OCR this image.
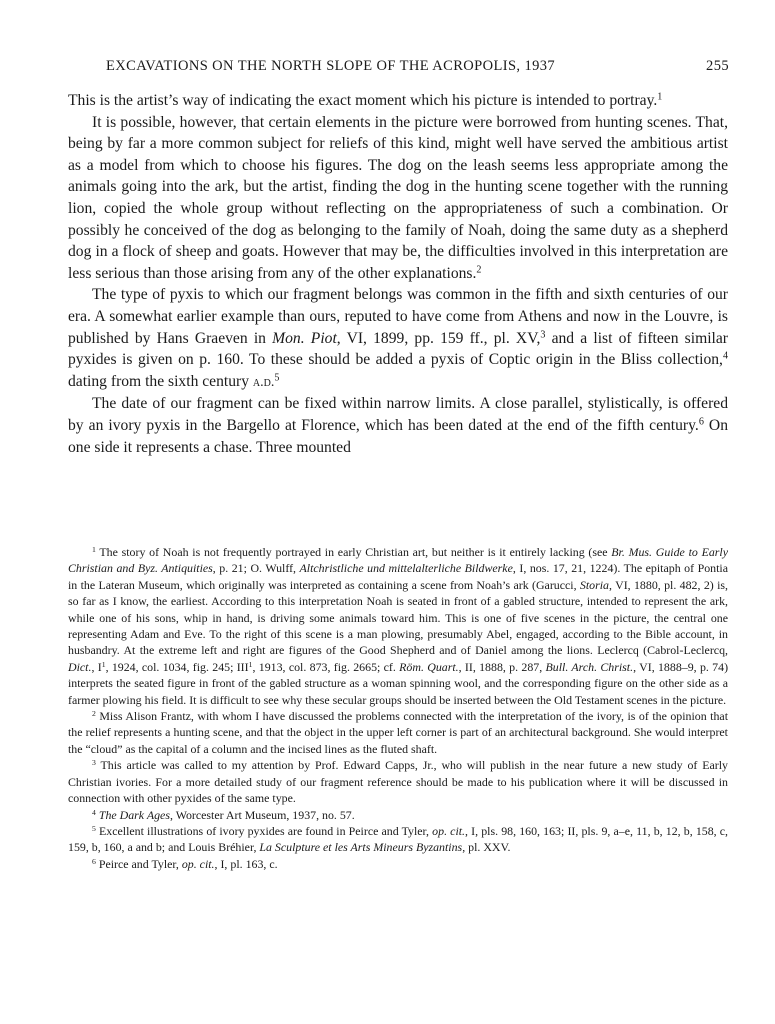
EXCAVATIONS ON THE NORTH SLOPE OF THE ACROPOLIS, 1937	255

This is the artist’s way of indicating the exact moment which his picture is intended to portray.$^1$

It is possible, however, that certain elements in the picture were borrowed from hunting scenes. That, being by far a more common subject for reliefs of this kind, might well have served the ambitious artist as a model from which to choose his figures. The dog on the leash seems less appropriate among the animals going into the ark, but the artist, finding the dog in the hunting scene together with the running lion, copied the whole group without reflecting on the appropriateness of such a combination. Or possibly he conceived of the dog as belonging to the family of Noah, doing the same duty as a shepherd dog in a flock of sheep and goats. However that may be, the difficulties involved in this interpretation are less serious than those arising from any of the other explanations.$^2$

The type of pyxis to which our fragment belongs was common in the fifth and sixth centuries of our era. A somewhat earlier example than ours, reputed to have come from Athens and now in the Louvre, is published by Hans Graeven in Mon. Piot, VI, 1899, pp. 159 ff., pl. XV,$^3$ and a list of fifteen similar pyxides is given on p. 160. To these should be added a pyxis of Coptic origin in the Bliss collection,$^4$ dating from the sixth century a.d.$^5$

The date of our fragment can be fixed within narrow limits. A close parallel, stylistically, is offered by an ivory pyxis in the Bargello at Florence, which has been dated at the end of the fifth century.$^6$ On one side it represents a chase. Three mounted

$^1$ The story of Noah is not frequently portrayed in early Christian art, but neither is it entirely lacking (see Br. Mus. Guide to Early Christian and Byz. Antiquities, p. 21; O. Wulff, Altchristliche und mittelalterliche Bildwerke, I, nos. 17, 21, 1224). The epitaph of Pontia in the Lateran Museum, which originally was interpreted as containing a scene from Noah’s ark (Garucci, Storia, VI, 1880, pl. 482, 2) is, so far as I know, the earliest. According to this interpretation Noah is seated in front of a gabled structure, intended to represent the ark, while one of his sons, whip in hand, is driving some animals toward him. This is one of five scenes in the picture, the central one representing Adam and Eve. To the right of this scene is a man plowing, presumably Abel, engaged, according to the Bible account, in husbandry. At the extreme left and right are figures of the Good Shepherd and of Daniel among the lions. Leclercq (Cabrol-Leclercq, Dict., $I^1$, 1924, col. 1034, fig. 245; III$^1$, 1913, col. 873, fig. 2665; cf. Röm. Quart., II, 1888, p. 287, Bull. Arch. Christ., VI, 1888–9, p. 74) interprets the seated figure in front of the gabled structure as a woman spinning wool, and the corresponding figure on the other side as a farmer plowing his field. It is difficult to see why these secular groups should be inserted between the Old Testament scenes in the picture.

$^2$ Miss Alison Frantz, with whom I have discussed the problems connected with the interpretation of the ivory, is of the opinion that the relief represents a hunting scene, and that the object in the upper left corner is part of an architectural background. She would interpret the “cloud” as the capital of a column and the incised lines as the fluted shaft.

$^3$ This article was called to my attention by Prof. Edward Capps, Jr., who will publish in the near future a new study of Early Christian ivories. For a more detailed study of our fragment reference should be made to his publication where it will be discussed in connection with other pyxides of the same type.

$^4$ The Dark Ages, Worcester Art Museum, 1937, no. 57.

$^5$ Excellent illustrations of ivory pyxides are found in Peirce and Tyler, op. cit., I, pls. 98, 160, 163; II, pls. 9, a–e, 11, b, 12, b, 158, c, 159, b, 160, a and b; and Louis Bréhier, La Sculpture et les Arts Mineurs Byzantins, pl. XXV.

$^6$ Peirce and Tyler, op. cit., I, pl. 163, c.
